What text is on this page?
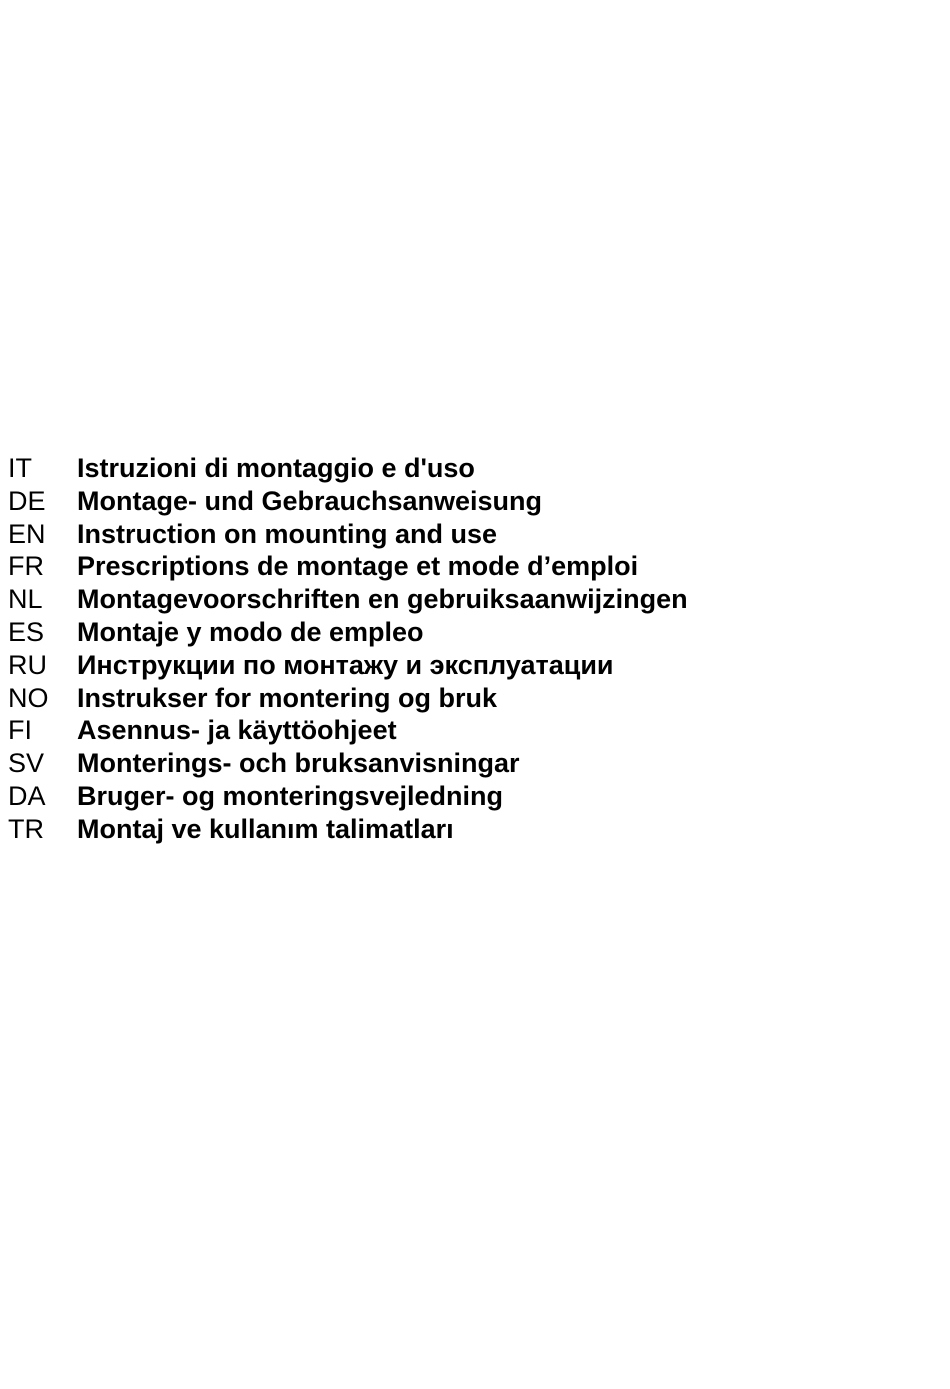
IT	Istruzioni di montaggio e d'uso
DE	Montage- und Gebrauchsanweisung
EN	Instruction on mounting and use
FR	Prescriptions de montage et mode d’emploi
NL	Montagevoorschriften en gebruiksaanwijzingen
ES	Montaje y modo de empleo
RU	Инструкции по монтажу и эксплуатации
NO	Instrukser for montering og bruk
FI	Asennus- ja käyttöohjeet
SV	Monterings- och bruksanvisningar
DA	Bruger- og monteringsvejledning
TR	Montaj ve kullanım talimatları
